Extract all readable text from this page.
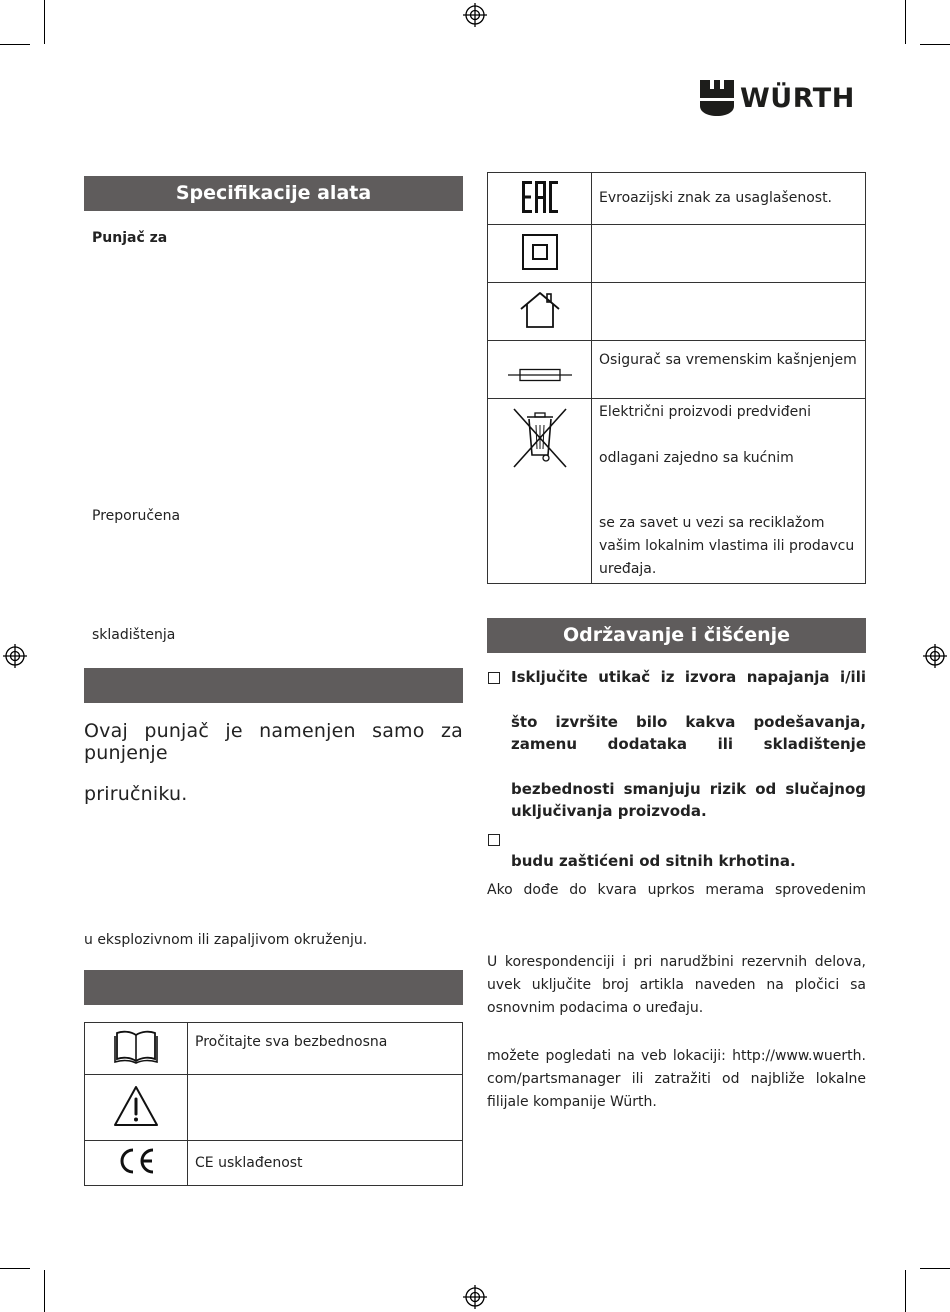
WÜRTH
Specifikacije alata
Punjač za
Preporučena
skladištenja
Ovaj punjač je namenjen samo za punjenje
priručniku.
u eksplozivnom ili zapaljivom okruženju.
	Pročitajte sva bezbednosna

	CE usklađenost
	Evroazijski znak za usaglašenost.

	Osigurač sa vremenskim kašnjenjem

Električni proizvodi predviđeni
odlagani zajedno sa kućnim
se za savet u vezi sa reciklažom
vašim lokalnim vlastima ili prodavcu
uređaja.
Održavanje i čišćenje
Isključite utikač iz izvora napajanja i/ili
što izvršite bilo kakva podešavanja,
zamenu dodataka ili skladištenje
bezbednosti smanjuju rizik od slučajnog
uključivanja proizvoda.
budu zaštićeni od sitnih krhotina.
Ako dođe do kvara uprkos merama sprovedenim
U korespondenciji i pri narudžbini rezervnih delova,
uvek uključite broj artikla naveden na pločici sa
osnovnim podacima o uređaju.
možete pogledati na veb lokaciji: http://www.wuerth.
com/partsmanager ili zatražiti od najbliže lokalne
filijale kompanije Würth.
